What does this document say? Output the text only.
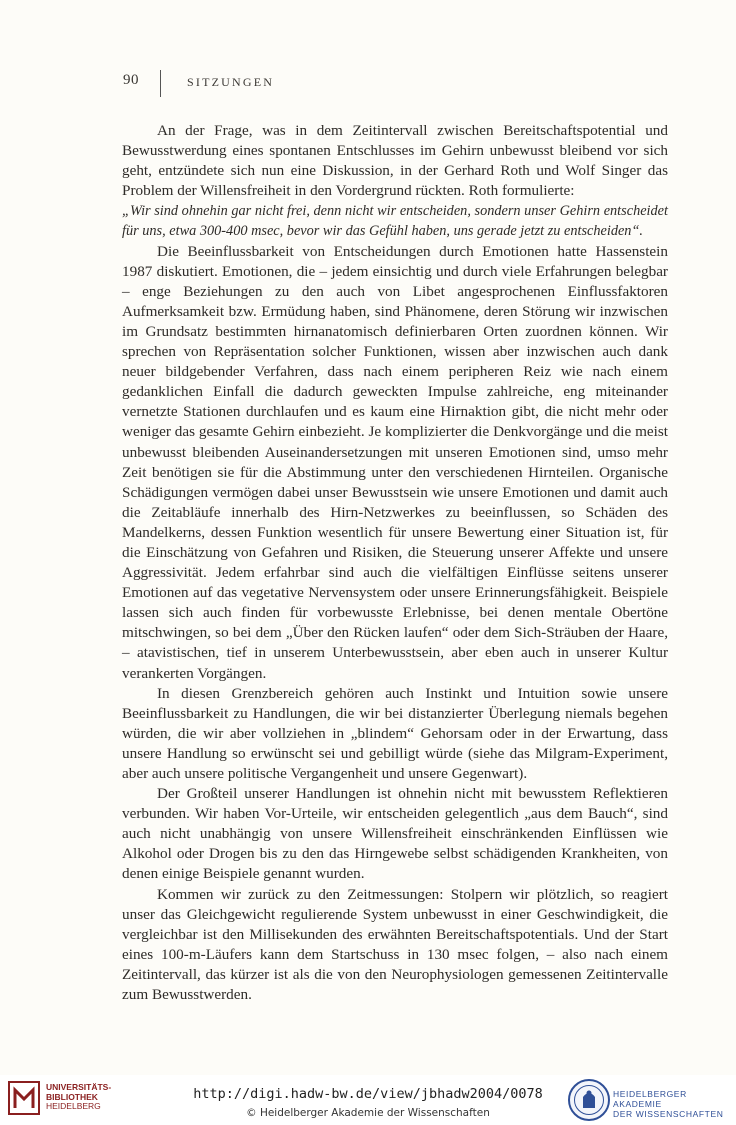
90	SITZUNGEN

An der Frage, was in dem Zeitintervall zwischen Bereitschaftspotential und Bewusstwerdung eines spontanen Entschlusses im Gehirn unbewusst bleibend vor sich geht, entzündete sich nun eine Diskussion, in der Gerhard Roth und Wolf Singer das Problem der Willensfreiheit in den Vordergrund rückten. Roth formulierte:

„Wir sind ohnehin gar nicht frei, denn nicht wir entscheiden, sondern unser Gehirn entscheidet für uns, etwa 300-400 msec, bevor wir das Gefühl haben, uns gerade jetzt zu entscheiden“.

Die Beeinflussbarkeit von Entscheidungen durch Emotionen hatte Hassenstein 1987 diskutiert. Emotionen, die – jedem einsichtig und durch viele Erfahrungen belegbar – enge Beziehungen zu den auch von Libet angesprochenen Einflussfaktoren Aufmerksamkeit bzw. Ermüdung haben, sind Phänomene, deren Störung wir inzwischen im Grundsatz bestimmten hirnanatomisch definierbaren Orten zuordnen können. Wir sprechen von Repräsentation solcher Funktionen, wissen aber inzwischen auch dank neuer bildgebender Verfahren, dass nach einem peripheren Reiz wie nach einem gedanklichen Einfall die dadurch geweckten Impulse zahlreiche, eng miteinander vernetzte Stationen durchlaufen und es kaum eine Hirnaktion gibt, die nicht mehr oder weniger das gesamte Gehirn einbezieht. Je komplizierter die Denkvorgänge und die meist unbewusst bleibenden Auseinandersetzungen mit unseren Emotionen sind, umso mehr Zeit benötigen sie für die Abstimmung unter den verschiedenen Hirnteilen. Organische Schädigungen vermögen dabei unser Bewusstsein wie unsere Emotionen und damit auch die Zeitabläufe innerhalb des Hirn-Netzwerkes zu beeinflussen, so Schäden des Mandelkerns, dessen Funktion wesentlich für unsere Bewertung einer Situation ist, für die Einschätzung von Gefahren und Risiken, die Steuerung unserer Affekte und unsere Aggressivität. Jedem erfahrbar sind auch die vielfältigen Einflüsse seitens unserer Emotionen auf das vegetative Nervensystem oder unsere Erinnerungsfähigkeit. Beispiele lassen sich auch finden für vorbewusste Erlebnisse, bei denen mentale Obertöne mitschwingen, so bei dem „Über den Rücken laufen“ oder dem Sich-Sträuben der Haare, – atavistischen, tief in unserem Unterbewusstsein, aber eben auch in unserer Kultur verankerten Vorgängen.

In diesen Grenzbereich gehören auch Instinkt und Intuition sowie unsere Beeinflussbarkeit zu Handlungen, die wir bei distanzierter Überlegung niemals begehen würden, die wir aber vollziehen in „blindem“ Gehorsam oder in der Erwartung, dass unsere Handlung so erwünscht sei und gebilligt würde (siehe das Milgram-Experiment, aber auch unsere politische Vergangenheit und unsere Gegenwart).

Der Großteil unserer Handlungen ist ohnehin nicht mit bewusstem Reflektieren verbunden. Wir haben Vor-Urteile, wir entscheiden gelegentlich „aus dem Bauch“, sind auch nicht unabhängig von unsere Willensfreiheit einschränkenden Einflüssen wie Alkohol oder Drogen bis zu den das Hirngewebe selbst schädigenden Krankheiten, von denen einige Beispiele genannt wurden.

Kommen wir zurück zu den Zeitmessungen: Stolpern wir plötzlich, so reagiert unser das Gleichgewicht regulierende System unbewusst in einer Geschwindigkeit, die vergleichbar ist den Millisekunden des erwähnten Bereitschaftspotentials. Und der Start eines 100-m-Läufers kann dem Startschuss in 130 msec folgen, – also nach einem Zeitintervall, das kürzer ist als die von den Neurophysiologen gemessenen Zeitintervalle zum Bewusstwerden.

UNIVERSITÄTS-
BIBLIOTHEK
HEIDELBERG
http://digi.hadw-bw.de/view/jbhadw2004/0078
© Heidelberger Akademie der Wissenschaften
HEIDELBERGER AKADEMIE
DER WISSENSCHAFTEN
